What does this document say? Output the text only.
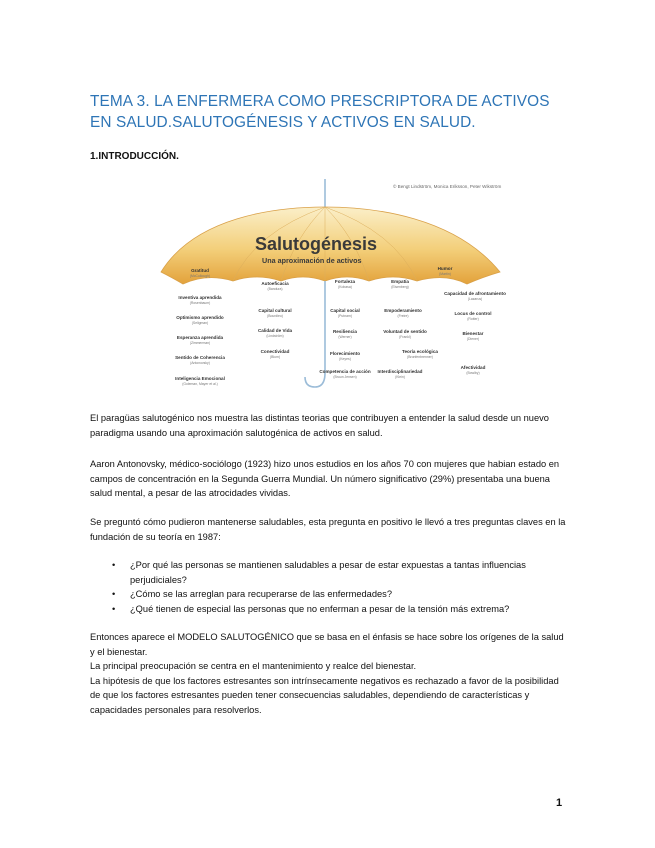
TEMA 3. LA ENFERMERA COMO PRESCRIPTORA DE ACTIVOS EN SALUD.SALUTOGÉNESIS Y ACTIVOS EN SALUD.
1.INTRODUCCIÓN.
© Bengt Lindström, Monica Eriksson, Peter Wikström
Salutogénesis
Una aproximación de activos
Gratitud
(McCullough)
Autoeficacia
(Bandura)
Fortaleza
(Kobasa)
Empatía
(Eisenberg)
Humor
(Martin)
Inventiva aprendida
(Rosenbaum)
Capacidad de afrontamiento
(Lazarus)
Optimismo aprendido
(Seligman)
Capital cultural
(Bourdieu)
Capital social
(Putnam)
Empoderamiento
(Freire)	Locus de control
(Rotter)
Esperanza aprendida
(Zimmerman)
Calidad de Vida
(Lindström)
Resiliencia
(Werner)
Voluntad de sentido
(Frankl)
Bienestar
(Diener)
Sentido de Coherencia
(Antonovsky)
Conectividad
(Blum)
Florecimiento
(Keyes)
Teoría ecológica
(Bronfenbrenner)
Afectividad
(Bowlby)
Inteligencia Emocional
(Goleman, Mayer et al.)
Competencia de acción
(Bruun Jensen)
Interdisciplinariedad
(Klein)

El paragüas salutogénico nos muestra las distintas teorias que contribuyen a entender la salud desde un nuevo paradigma usando una aproximación salutogénica de activos en salud.

Aaron Antonovsky, médico-sociólogo (1923) hizo unos estudios en los años 70 con mujeres que habian estado en campos de concentración en la Segunda Guerra Mundial. Un número significativo (29%) presentaba una buena salud mental, a pesar de las atrocidades vividas.

Se preguntó cómo pudieron mantenerse saludables, esta pregunta en positivo le llevó a tres preguntas claves en la fundación de su teoría en 1987:

• ¿Por qué las personas se mantienen saludables a pesar de estar expuestas a tantas influencias perjudiciales?
• ¿Cómo se las arreglan para recuperarse de las enfermedades?
• ¿Qué tienen de especial las personas que no enferman a pesar de la tensión más extrema?
Entonces aparece el MODELO SALUTOGÉNICO que se basa en el énfasis se hace sobre los orígenes de la salud y el bienestar.
La principal preocupación se centra en el mantenimiento y realce del bienestar.
La hipótesis de que los factores estresantes son intrínsecamente negativos es rechazado a favor de la posibilidad de que los factores estresantes pueden tener consecuencias saludables, dependiendo de características y capacidades personales para resolverlos.
1
